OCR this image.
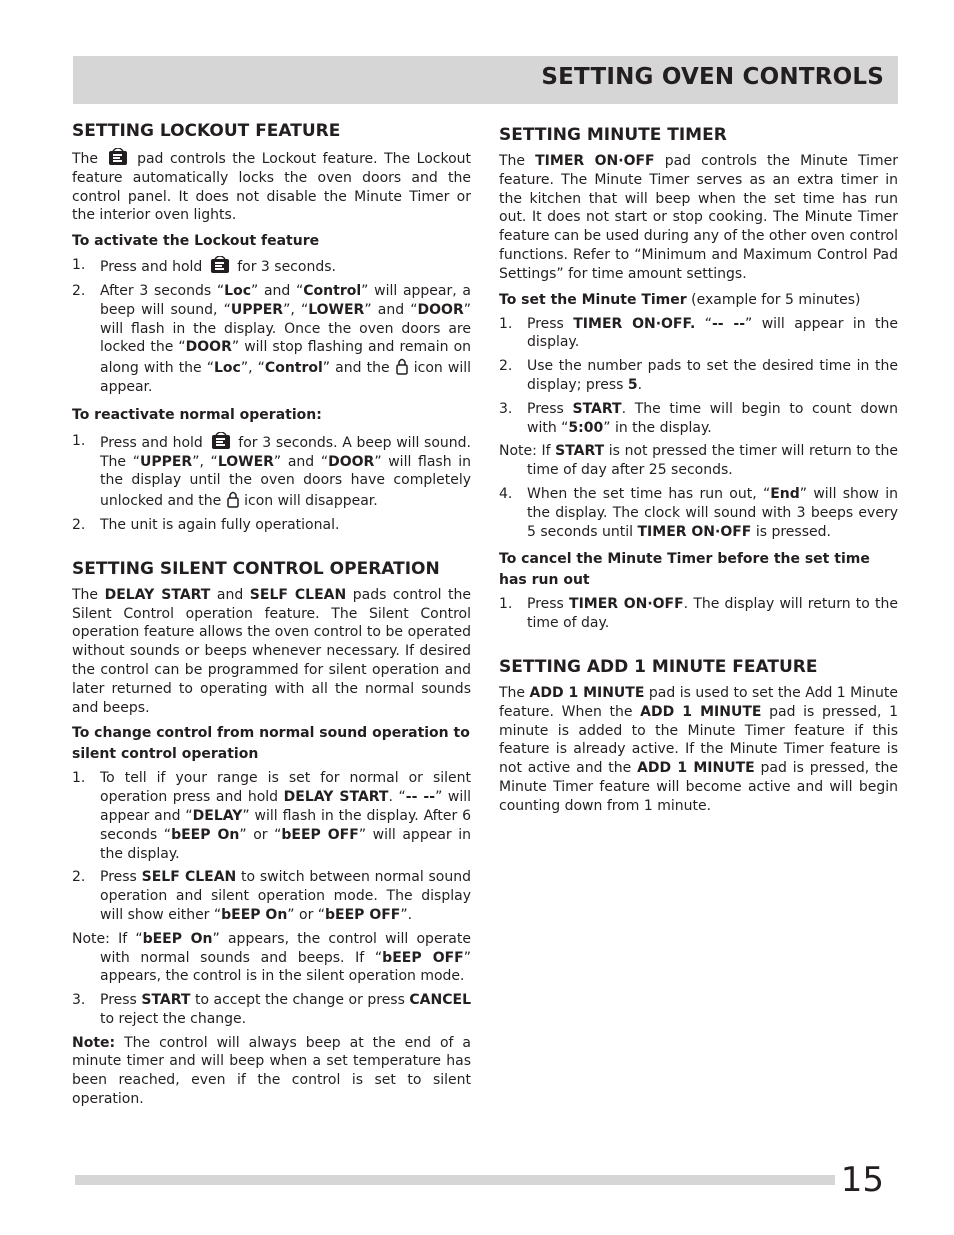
SETTING OVEN CONTROLS
SETTING LOCKOUT FEATURE

The	pad controls the Lockout feature. The Lockout feature automatically locks the oven doors and the control panel. It does not disable the Minute Timer or the interior oven lights.

To activate the Lockout feature
1. Press and hold for 3 seconds.
2. After 3 seconds “Loc” and “Control” will appear, a beep will sound, “UPPER”, “LOWER” and “DOOR” will flash in the display. Once the oven doors are locked the “DOOR” will stop flashing and remain on along with the “Loc”, “Control” and the icon will appear.
To reactivate normal operation:
1. Press and hold	for 3 seconds. A beep will sound. The “UPPER”, “LOWER” and “DOOR” will flash in the display until the oven doors have completely unlocked and the icon will disappear.
2. The unit is again fully operational.
SETTING SILENT CONTROL OPERATION

The DELAY START and SELF CLEAN pads control the Silent Control operation feature. The Silent Control operation feature allows the oven control to be operated without sounds or beeps whenever necessary. If desired the control can be programmed for silent operation and later returned to operating with all the normal sounds and beeps.

To change control from normal sound operation to silent control operation
1. To tell if your range is set for normal or silent operation press and hold DELAY START. “-- --” will appear and “DELAY” will flash in the display. After 6 seconds “bEEP On” or “bEEP OFF” will appear in the display.
2. Press SELF CLEAN to switch between normal sound operation and silent operation mode. The display will show either “bEEP On” or “bEEP OFF”.
Note: If “bEEP On” appears, the control will operate with normal sounds and beeps. If “bEEP OFF” appears, the control is in the silent operation mode.
3. Press START to accept the change or press CANCEL to reject the change.

Note: The control will always beep at the end of a minute timer and will beep when a set temperature has been reached, even if the control is set to silent operation.

SETTING MINUTE TIMER

The TIMER ON·OFF pad controls the Minute Timer feature. The Minute Timer serves as an extra timer in the kitchen that will beep when the set time has run out. It does not start or stop cooking. The Minute Timer feature can be used during any of the other oven control functions. Refer to “Minimum and Maximum Control Pad Settings” for time amount settings.

To set the Minute Timer (example for 5 minutes)
1. Press TIMER ON·OFF. “-- --” will appear in the display.
2. Use the number pads to set the desired time in the display; press 5.
3. Press START. The time will begin to count down with “5:00” in the display.
Note: If START is not pressed the timer will return to the time of day after 25 seconds.
4. When the set time has run out, “End” will show in the display. The clock will sound with 3 beeps every 5 seconds until TIMER ON·OFF is pressed.
To cancel the Minute Timer before the set time has run out
1. Press TIMER ON·OFF. The display will return to the time of day.
SETTING ADD 1 MINUTE FEATURE

The ADD 1 MINUTE pad is used to set the Add 1 Minute feature. When the ADD 1 MINUTE pad is pressed, 1 minute is added to the Minute Timer feature if this feature is already active. If the Minute Timer feature is not active and the ADD 1 MINUTE pad is pressed, the Minute Timer feature will become active and will begin counting down from 1 minute.

15
